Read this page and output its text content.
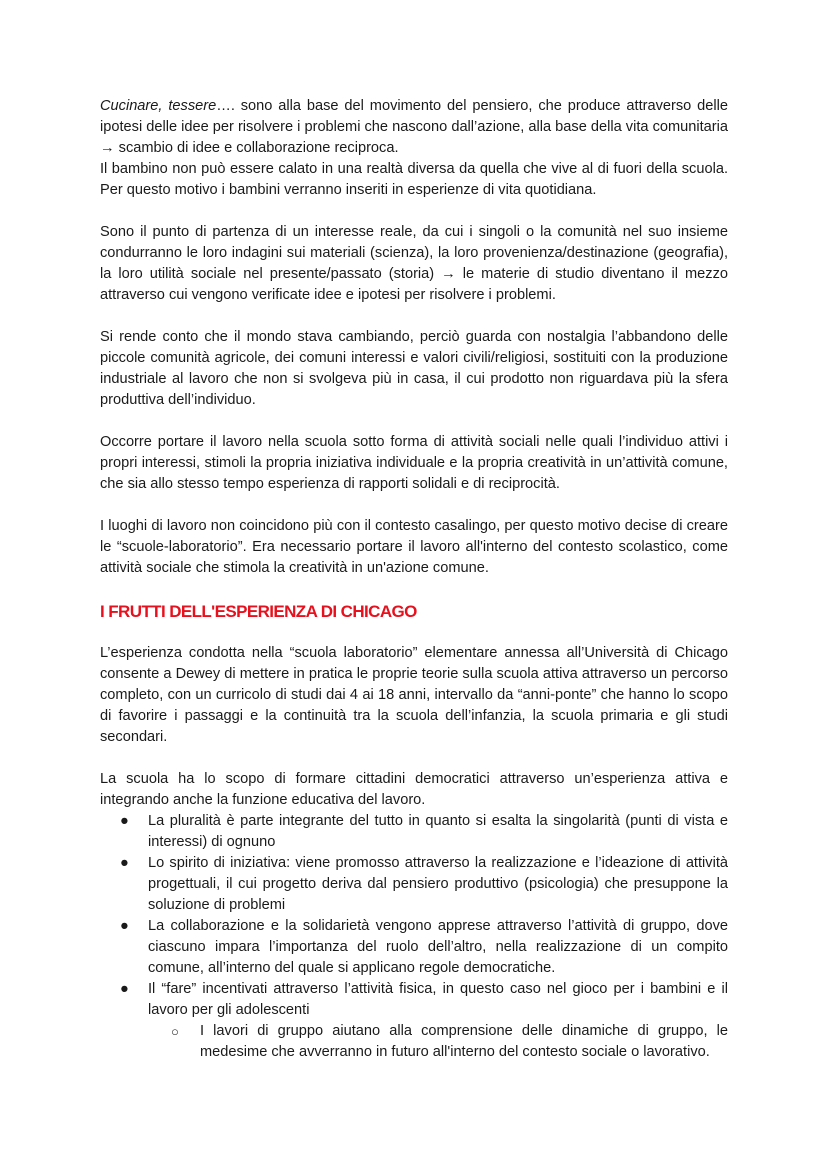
Cucinare, tessere…. sono alla base del movimento del pensiero, che produce attraverso delle ipotesi delle idee per risolvere i problemi che nascono dall’azione, alla base della vita comunitaria → scambio di idee e collaborazione reciproca.

Il bambino non può essere calato in una realtà diversa da quella che vive al di fuori della scuola. Per questo motivo i bambini verranno inseriti in esperienze di vita quotidiana.

Sono il punto di partenza di un interesse reale, da cui i singoli o la comunità nel suo insieme condurranno le loro indagini sui materiali (scienza), la loro provenienza/destinazione (geografia), la loro utilità sociale nel presente/passato (storia) → le materie di studio diventano il mezzo attraverso cui vengono verificate idee e ipotesi per risolvere i problemi.

Si rende conto che il mondo stava cambiando, perciò guarda con nostalgia l’abbandono delle piccole comunità agricole, dei comuni interessi e valori civili/religiosi, sostituiti con la produzione industriale al lavoro che non si svolgeva più in casa, il cui prodotto non riguardava più la sfera produttiva dell’individuo.

Occorre portare il lavoro nella scuola sotto forma di attività sociali nelle quali l’individuo attivi i propri interessi, stimoli la propria iniziativa individuale e la propria creatività in un’attività comune, che sia allo stesso tempo esperienza di rapporti solidali e di reciprocità.

I luoghi di lavoro non coincidono più con il contesto casalingo, per questo motivo decise di creare le “scuole-laboratorio”. Era necessario portare il lavoro all'interno del contesto scolastico, come attività sociale che stimola la creatività in un'azione comune.

I FRUTTI DELL'ESPERIENZA DI CHICAGO

L’esperienza condotta nella “scuola laboratorio” elementare annessa all’Università di Chicago consente a Dewey di mettere in pratica le proprie teorie sulla scuola attiva attraverso un percorso completo, con un curricolo di studi dai 4 ai 18 anni, intervallo da “anni-ponte” che hanno lo scopo di favorire i passaggi e la continuità tra la scuola dell’infanzia, la scuola primaria e gli studi secondari.

La scuola ha lo scopo di formare cittadini democratici attraverso un’esperienza attiva e integrando anche la funzione educativa del lavoro.

● La pluralità è parte integrante del tutto in quanto si esalta la singolarità (punti di vista e interessi) di ognuno
● Lo spirito di iniziativa: viene promosso attraverso la realizzazione e l’ideazione di attività progettuali, il cui progetto deriva dal pensiero produttivo (psicologia) che presuppone la soluzione di problemi
● La collaborazione e la solidarietà vengono apprese attraverso l’attività di gruppo, dove ciascuno impara l’importanza del ruolo dell’altro, nella realizzazione di un compito comune, all’interno del quale si applicano regole democratiche.
● Il “fare” incentivati attraverso l’attività fisica, in questo caso nel gioco per i bambini e il lavoro per gli adolescenti
○ I lavori di gruppo aiutano alla comprensione delle dinamiche di gruppo, le medesime che avverranno in futuro all'interno del contesto sociale o lavorativo.
